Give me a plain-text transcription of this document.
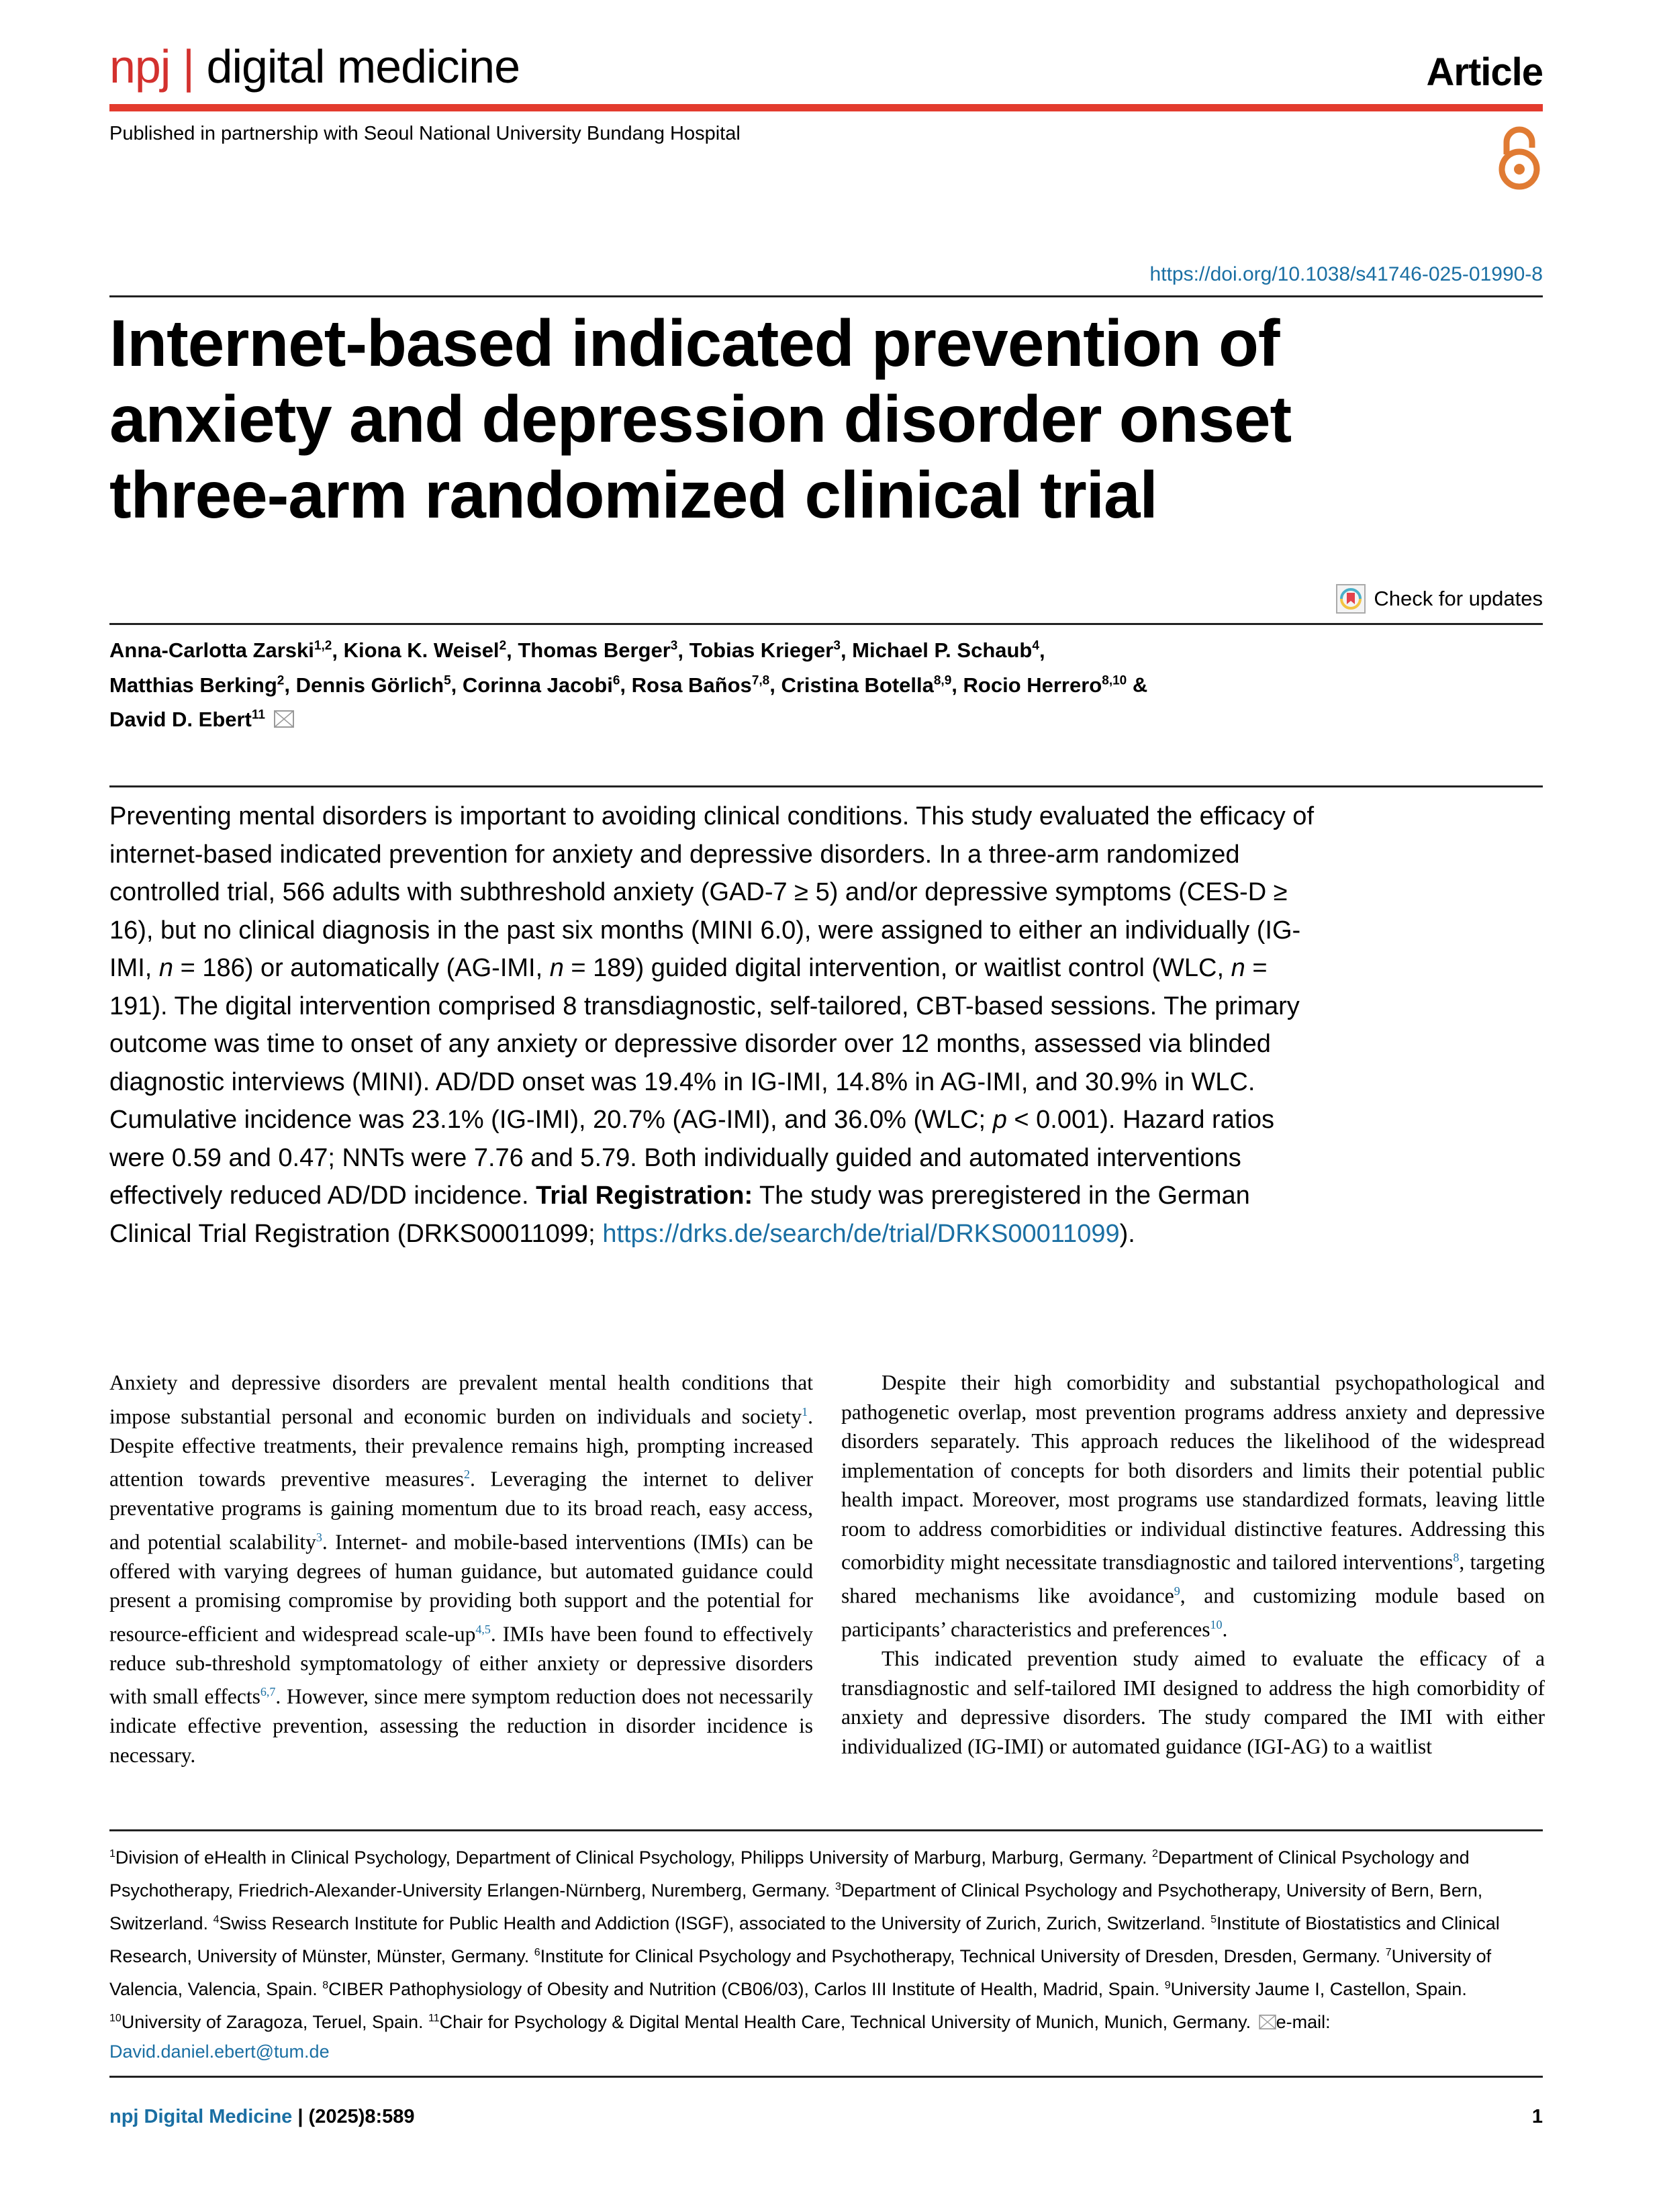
npj | digital medicine	Article
Published in partnership with Seoul National University Bundang Hospital
https://doi.org/10.1038/s41746-025-01990-8
Internet-based indicated prevention of
anxiety and depression disorder onset
three-arm randomized clinical trial
Check for updates
Anna-Carlotta Zarski$^{1,2}$, Kiona K. Weisel$^2$, Thomas Berger$^3$, Tobias Krieger$^3$, Michael P. Schaub$^4$,
Matthias Berking$^2$, Dennis Görlich$^5$, Corinna Jacobi$^6$, Rosa Baños$^{7,8}$, Cristina Botella$^{8,9}$, Rocio Herrero$^{8,10}$ &
David D. Ebert$^{11}$
Preventing mental disorders is important to avoiding clinical conditions. This study evaluated the efficacy of internet-based indicated prevention for anxiety and depressive disorders. In a three-arm randomized controlled trial, 566 adults with subthreshold anxiety (GAD-7 ≥ 5) and/or depressive symptoms (CES-D ≥ 16), but no clinical diagnosis in the past six months (MINI 6.0), were assigned to either an individually (IG-IMI, n = 186) or automatically (AG-IMI, n = 189) guided digital intervention, or waitlist control (WLC, n = 191). The digital intervention comprised 8 transdiagnostic, self-tailored, CBT-based sessions. The primary outcome was time to onset of any anxiety or depressive disorder over 12 months, assessed via blinded diagnostic interviews (MINI). AD/DD onset was 19.4% in IG-IMI, 14.8% in AG-IMI, and 30.9% in WLC. Cumulative incidence was 23.1% (IG-IMI), 20.7% (AG-IMI), and 36.0% (WLC; p < 0.001). Hazard ratios were 0.59 and 0.47; NNTs were 7.76 and 5.79. Both individually guided and automated interventions effectively reduced AD/DD incidence. Trial Registration: The study was preregistered in the German Clinical Trial Registration (DRKS00011099; https://drks.de/search/de/trial/DRKS00011099).

Anxiety and depressive disorders are prevalent mental health conditions that impose substantial personal and economic burden on individuals and society$^1$. Despite effective treatments, their prevalence remains high, prompting increased attention towards preventive measures$^2$. Leveraging the internet to deliver preventative programs is gaining momentum due to its broad reach, easy access, and potential scalability$^3$. Internet- and mobile-based interventions (IMIs) can be offered with varying degrees of human guidance, but automated guidance could present a promising compromise by providing both support and the potential for resource-efficient and widespread scale-up$^{4,5}$. IMIs have been found to effectively reduce sub-threshold symptomatology of either anxiety or depressive disorders with small effects$^{6,7}$. However, since mere symptom reduction does not necessarily indicate effective prevention, assessing the reduction in disorder incidence is necessary.

Despite their high comorbidity and substantial psychopathological and pathogenetic overlap, most prevention programs address anxiety and depressive disorders separately. This approach reduces the likelihood of the widespread implementation of concepts for both disorders and limits their potential public health impact. Moreover, most programs use standardized formats, leaving little room to address comorbidities or individual distinctive features. Addressing this comorbidity might necessitate transdiagnostic and tailored interventions$^8$, targeting shared mechanisms like avoidance$^9$, and customizing module based on participants’ characteristics and preferences$^{10}$.

This indicated prevention study aimed to evaluate the efficacy of a transdiagnostic and self-tailored IMI designed to address the high comorbidity of anxiety and depressive disorders. The study compared the IMI with either individualized (IG-IMI) or automated guidance (IGI-AG) to a waitlist

$^1$Division of eHealth in Clinical Psychology, Department of Clinical Psychology, Philipps University of Marburg, Marburg, Germany. $^2$Department of Clinical Psychology and Psychotherapy, Friedrich-Alexander-University Erlangen-Nürnberg, Nuremberg, Germany. $^3$Department of Clinical Psychology and Psychotherapy, University of Bern, Bern, Switzerland. $^4$Swiss Research Institute for Public Health and Addiction (ISGF), associated to the University of Zurich, Zurich, Switzerland. $^5$Institute of Biostatistics and Clinical Research, University of Münster, Münster, Germany. $^6$Institute for Clinical Psychology and Psychotherapy, Technical University of Dresden, Dresden, Germany. $^7$University of Valencia, Valencia, Spain. $^8$CIBER Pathophysiology of Obesity and Nutrition (CB06/03), Carlos III Institute of Health, Madrid, Spain. $^9$University Jaume I, Castellon, Spain. $^{10}$University of Zaragoza, Teruel, Spain. $^{11}$Chair for Psychology & Digital Mental Health Care, Technical University of Munich, Munich, Germany. e-mail: David.daniel.ebert@tum.de
npj Digital Medicine | (2025)8:589	1
